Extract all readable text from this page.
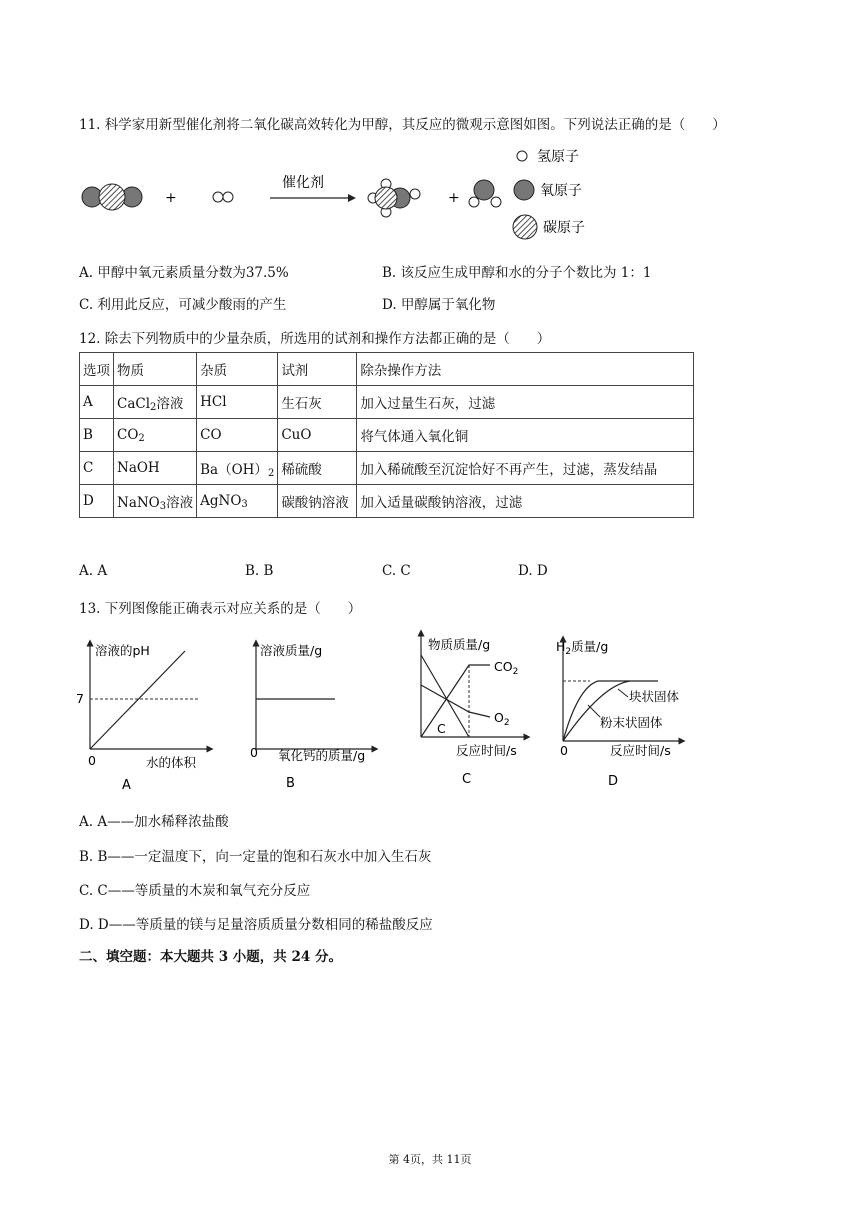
11. 科学家用新型催化剂将二氧化碳高效转化为甲醇，其反应的微观示意图如图。下列说法正确的是（　　）
+
催化剂
+
氢原子
氧原子
碳原子
A. 甲醇中氧元素质量分数为37.5%	B. 该反应生成甲醇和水的分子个数比为 1：1
C. 利用此反应，可减少酸雨的产生	D. 甲醇属于氧化物
12. 除去下列物质中的少量杂质，所选用的试剂和操作方法都正确的是（　　）
选项	物质	杂质	试剂	除杂操作方法
A	CaCl$_2$溶液	HCl	生石灰	加入过量生石灰，过滤
B	$CO_2$	CO	CuO	将气体通入氧化铜
C	NaOH	$Ba(OH)_2$	稀硫酸	加入稀硫酸至沉淀恰好不再产生，过滤，蒸发结晶
D	NaNO$_3$溶液	AgNO$_3$	碳酸钠溶液	加入适量碳酸钠溶液，过滤
A. A	B. B	C. C	D. D
13. 下列图像能正确表示对应关系的是（　　）
溶液的pH
7
0	水的体积
A
溶液质量/g
0 氧化钙的质量/g
B
物质质量/g
$CO_2$
$O_2$
C
反应时间/s
C
$H_2$质量/g
块状固体
粉末状固体
0	反应时间/s
D
A. A——加水稀释浓盐酸
B. B——一定温度下，向一定量的饱和石灰水中加入生石灰
C. C——等质量的木炭和氧气充分反应
D. D——等质量的镁与足量溶质质量分数相同的稀盐酸反应
二、填空题：本大题共 3 小题，共 24 分。
第 4页，共 11页
